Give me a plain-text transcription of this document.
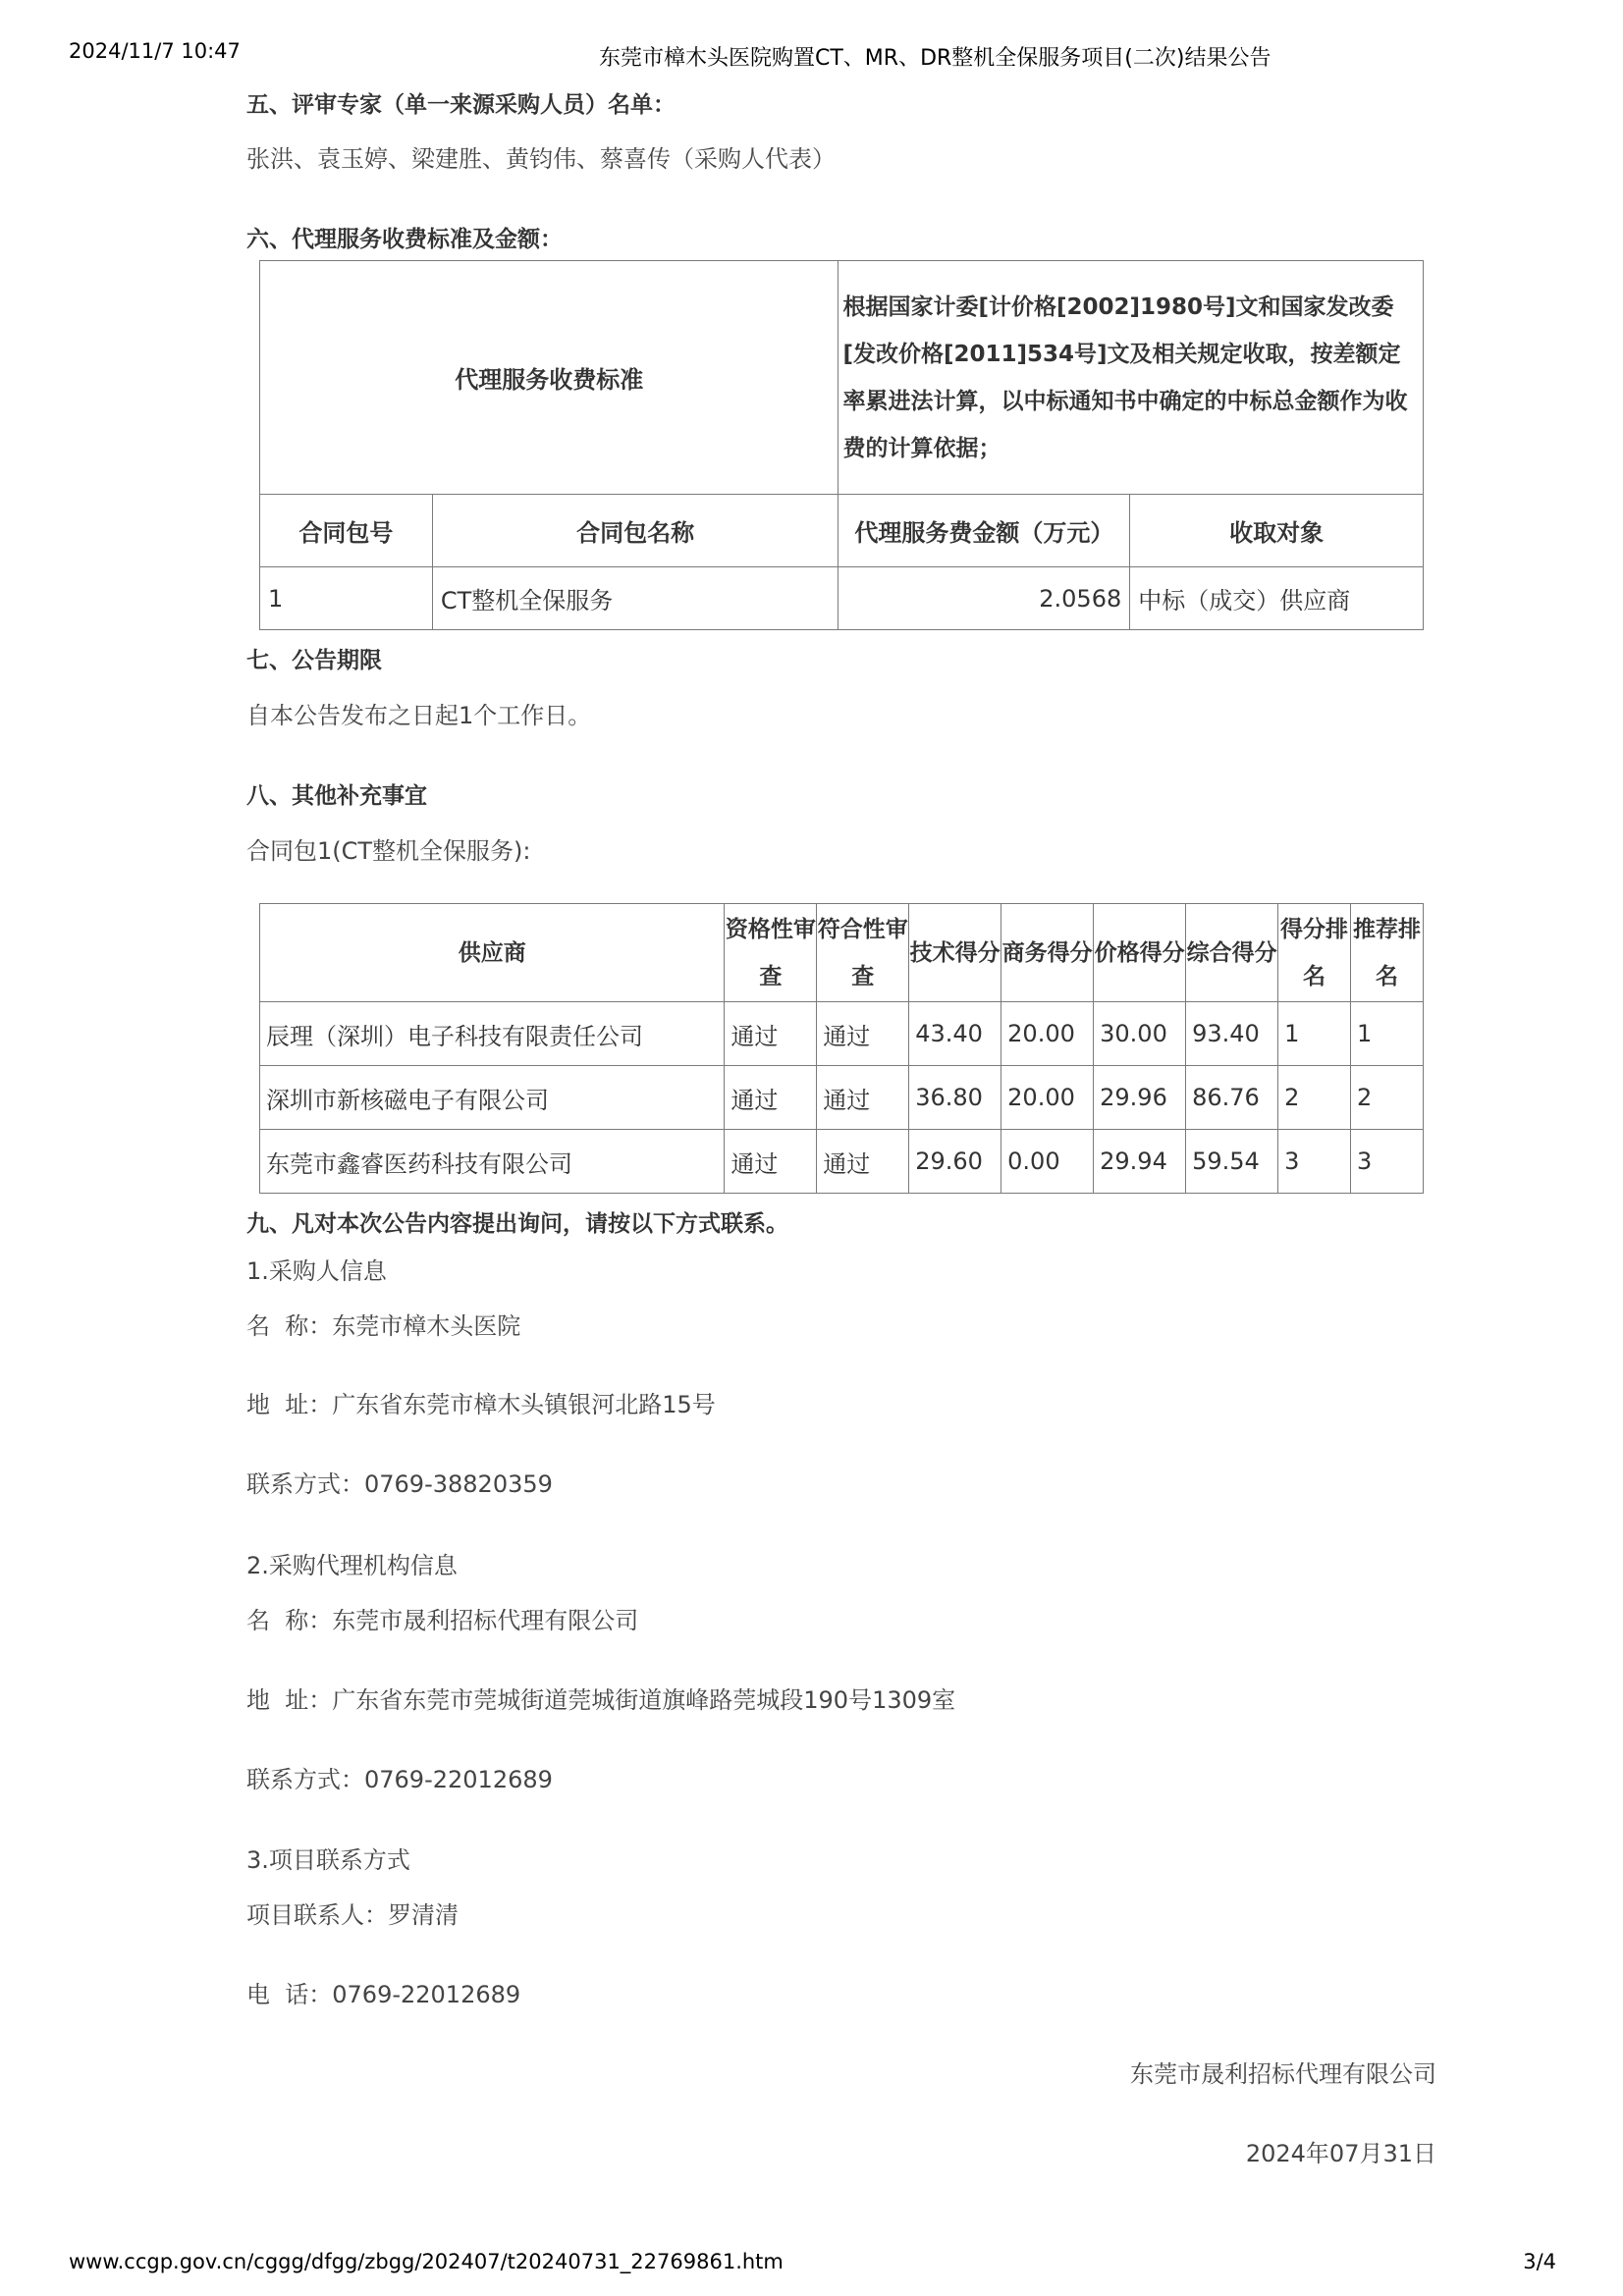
2024/11/7 10:47	东莞市樟木头医院购置CT、MR、DR整机全保服务项目(二次)结果公告
五、评审专家（单一来源采购人员）名单：
张洪、袁玉婷、梁建胜、黄钧伟、蔡喜传（采购人代表）
六、代理服务收费标准及金额：
代理服务收费标准		根据国家计委[计价格[2002]1980号]文和国家发改委[发改价格[2011]534号]文及相关规定收取，按差额定率累进法计算，以中标通知书中确定的中标总金额作为收费的计算依据；	
合同包号	合同包名称	代理服务费金额（万元）	收取对象
1	CT整机全保服务	2.0568	中标（成交）供应商
七、公告期限
自本公告发布之日起1个工作日。
八、其他补充事宜
合同包1(CT整机全保服务):
供应商	资格性审查	符合性审查	技术得分	商务得分	价格得分	综合得分	得分排名	推荐排名
辰理（深圳）电子科技有限责任公司	通过	通过	43.40	20.00	30.00	93.40	1	1
深圳市新核磁电子有限公司	通过	通过	36.80	20.00	29.96	86.76	2	2
东莞市鑫睿医药科技有限公司	通过	通过	29.60	0.00	29.94	59.54	3	3
九、凡对本次公告内容提出询问，请按以下方式联系。
1.采购人信息
名  称：东莞市樟木头医院
地  址：广东省东莞市樟木头镇银河北路15号
联系方式：0769-38820359
2.采购代理机构信息
名  称：东莞市晟利招标代理有限公司
地  址：广东省东莞市莞城街道莞城街道旗峰路莞城段190号1309室
联系方式：0769-22012689
3.项目联系方式
项目联系人：罗清清
电  话：0769-22012689
东莞市晟利招标代理有限公司
2024年07月31日
www.ccgp.gov.cn/cggg/dfgg/zbgg/202407/t20240731_22769861.htm	3/4
